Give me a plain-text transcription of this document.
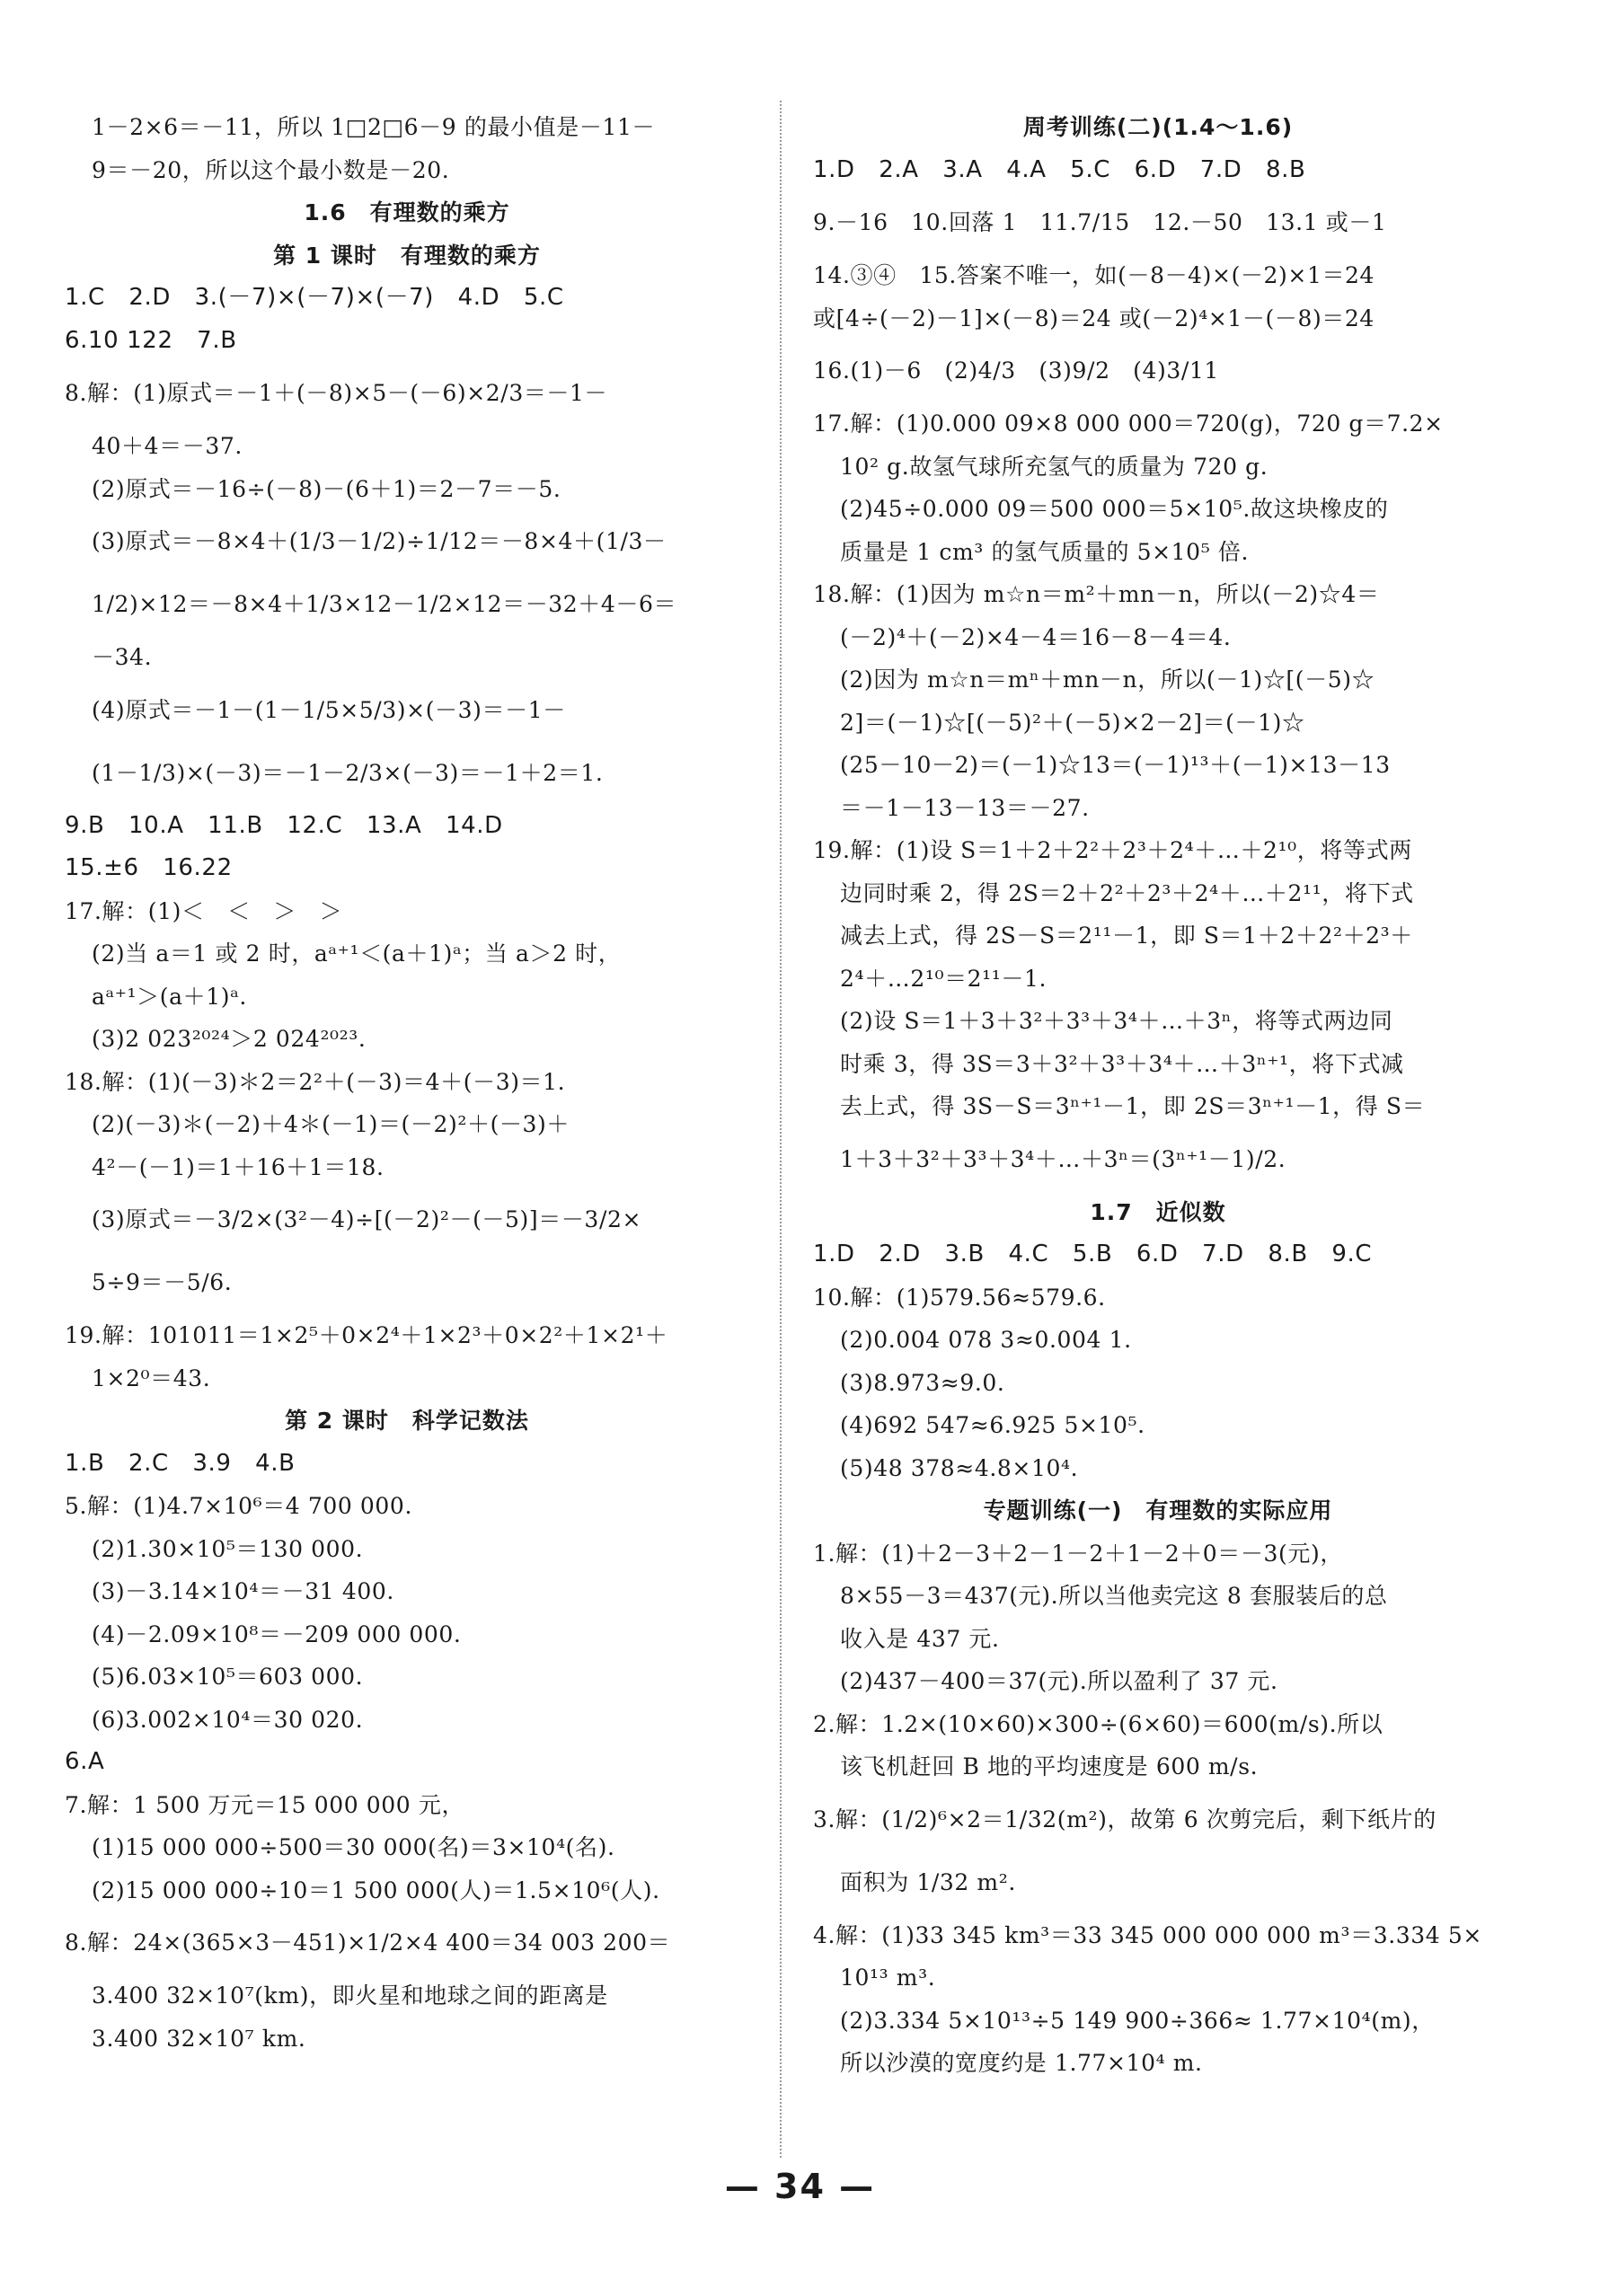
1－2×6＝－11，所以 1□2□6－9 的最小值是－11－
9＝－20，所以这个最小数是－20.
1.6　有理数的乘方
第 1 课时　有理数的乘方
1.C　2.D　3.(－7)×(－7)×(－7)　4.D　5.C
6.10 122　7.B
8.解：(1)原式＝－1＋(－8)×5－(－6)×2/3＝－1－
40＋4＝－37.
(2)原式＝－16÷(－8)－(6＋1)＝2－7＝－5.
(3)原式＝－8×4＋(1/3－1/2)÷1/12＝－8×4＋(1/3－
1/2)×12＝－8×4＋1/3×12－1/2×12＝－32＋4－6＝
－34.
(4)原式＝－1－(1－1/5×5/3)×(－3)＝－1－
(1－1/3)×(－3)＝－1－2/3×(－3)＝－1＋2＝1.
9.B　10.A　11.B　12.C　13.A　14.D
15.±6　16.22
17.解：(1)＜　＜　＞　＞
(2)当 a＝1 或 2 时，aᵃ⁺¹＜(a＋1)ᵃ；当 a＞2 时，
aᵃ⁺¹＞(a＋1)ᵃ.
(3)2 023²⁰²⁴＞2 024²⁰²³.
18.解：(1)(－3)＊2＝2²＋(－3)＝4＋(－3)＝1.
(2)(－3)＊(－2)＋4＊(－1)＝(－2)²＋(－3)＋
4²－(－1)＝1＋16＋1＝18.
(3)原式＝－3/2×(3²－4)÷[(－2)²－(－5)]＝－3/2×
5÷9＝－5/6.
19.解：101011＝1×2⁵＋0×2⁴＋1×2³＋0×2²＋1×2¹＋
1×2⁰＝43.
第 2 课时　科学记数法
1.B　2.C　3.9　4.B
5.解：(1)4.7×10⁶＝4 700 000.
(2)1.30×10⁵＝130 000.
(3)－3.14×10⁴＝－31 400.
(4)－2.09×10⁸＝－209 000 000.
(5)6.03×10⁵＝603 000.
(6)3.002×10⁴＝30 020.
6.A
7.解：1 500 万元＝15 000 000 元，
(1)15 000 000÷500＝30 000(名)＝3×10⁴(名).
(2)15 000 000÷10＝1 500 000(人)＝1.5×10⁶(人).
8.解：24×(365×3－451)×1/2×4 400＝34 003 200＝
3.400 32×10⁷(km)，即火星和地球之间的距离是
3.400 32×10⁷ km.
周考训练(二)(1.4～1.6)
1.D　2.A　3.A　4.A　5.C　6.D　7.D　8.B
9.－16　10.回落 1　11.7/15　12.－50　13.1 或－1
14.③④　15.答案不唯一，如(－8－4)×(－2)×1＝24
或[4÷(－2)－1]×(－8)＝24 或(－2)⁴×1－(－8)＝24
16.(1)－6　(2)4/3　(3)9/2　(4)3/11
17.解：(1)0.000 09×8 000 000＝720(g)，720 g＝7.2×
10² g.故氢气球所充氢气的质量为 720 g.
(2)45÷0.000 09＝500 000＝5×10⁵.故这块橡皮的
质量是 1 cm³ 的氢气质量的 5×10⁵ 倍.
18.解：(1)因为 m☆n＝m²＋mn－n，所以(－2)☆4＝
(－2)⁴＋(－2)×4－4＝16－8－4＝4.
(2)因为 m☆n＝mⁿ＋mn－n，所以(－1)☆[(－5)☆
2]＝(－1)☆[(－5)²＋(－5)×2－2]＝(－1)☆
(25－10－2)＝(－1)☆13＝(－1)¹³＋(－1)×13－13
＝－1－13－13＝－27.
19.解：(1)设 S＝1＋2＋2²＋2³＋2⁴＋…＋2¹⁰，将等式两
边同时乘 2，得 2S＝2＋2²＋2³＋2⁴＋…＋2¹¹，将下式
减去上式，得 2S－S＝2¹¹－1，即 S＝1＋2＋2²＋2³＋
2⁴＋…2¹⁰＝2¹¹－1.
(2)设 S＝1＋3＋3²＋3³＋3⁴＋…＋3ⁿ，将等式两边同
时乘 3，得 3S＝3＋3²＋3³＋3⁴＋…＋3ⁿ⁺¹，将下式减
去上式，得 3S－S＝3ⁿ⁺¹－1，即 2S＝3ⁿ⁺¹－1，得 S＝
1＋3＋3²＋3³＋3⁴＋…＋3ⁿ＝(3ⁿ⁺¹－1)/2.
1.7　近似数
1.D　2.D　3.B　4.C　5.B　6.D　7.D　8.B　9.C
10.解：(1)579.56≈579.6.
(2)0.004 078 3≈0.004 1.
(3)8.973≈9.0.
(4)692 547≈6.925 5×10⁵.
(5)48 378≈4.8×10⁴.
专题训练(一)　有理数的实际应用
1.解：(1)＋2－3＋2－1－2＋1－2＋0＝－3(元)，
8×55－3＝437(元).所以当他卖完这 8 套服装后的总
收入是 437 元.
(2)437－400＝37(元).所以盈利了 37 元.
2.解：1.2×(10×60)×300÷(6×60)＝600(m/s).所以
该飞机赶回 B 地的平均速度是 600 m/s.
3.解：(1/2)⁶×2＝1/32(m²)，故第 6 次剪完后，剩下纸片的
面积为 1/32 m².
4.解：(1)33 345 km³＝33 345 000 000 000 m³＝3.334 5×
10¹³ m³.
(2)3.334 5×10¹³÷5 149 900÷366≈ 1.77×10⁴(m)，
所以沙漠的宽度约是 1.77×10⁴ m.
— 34 —
